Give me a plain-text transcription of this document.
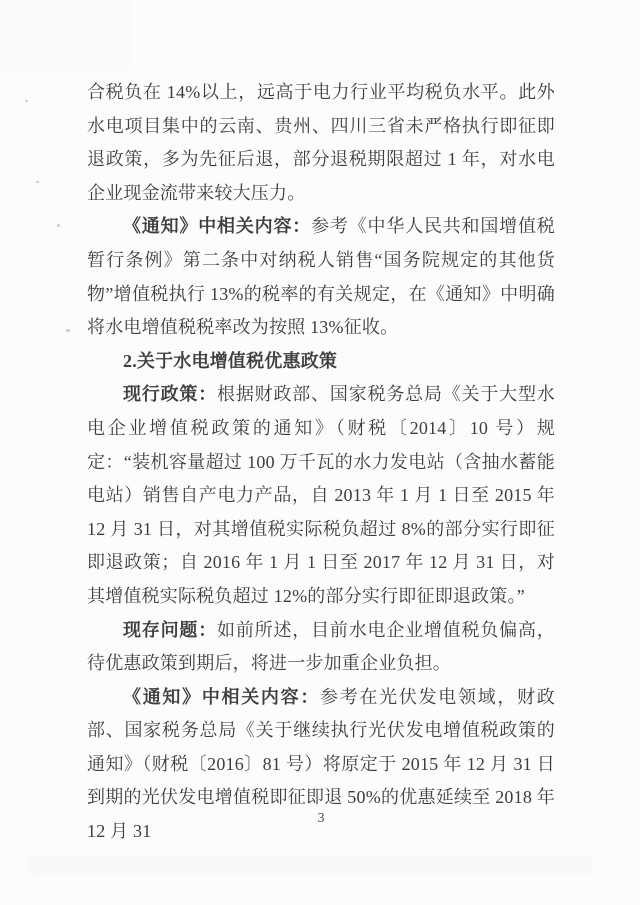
合税负在 14%以上，远高于电力行业平均税负水平。此外水电项目集中的云南、贵州、四川三省未严格执行即征即退政策，多为先征后退，部分退税期限超过 1 年，对水电企业现金流带来较大压力。

《通知》中相关内容：参考《中华人民共和国增值税暂行条例》第二条中对纳税人销售“国务院规定的其他货物”增值税执行 13%的税率的有关规定，在《通知》中明确将水电增值税税率改为按照 13%征收。

2.关于水电增值税优惠政策

现行政策：根据财政部、国家税务总局《关于大型水电企业增值税政策的通知》（财税〔2014〕10 号）规定：“装机容量超过 100 万千瓦的水力发电站（含抽水蓄能电站）销售自产电力产品，自 2013 年 1 月 1 日至 2015 年 12 月 31 日，对其增值税实际税负超过 8%的部分实行即征即退政策；自 2016 年 1 月 1 日至 2017 年 12 月 31 日，对其增值税实际税负超过 12%的部分实行即征即退政策。”

现存问题：如前所述，目前水电企业增值税负偏高，待优惠政策到期后，将进一步加重企业负担。

《通知》中相关内容：参考在光伏发电领域，财政部、国家税务总局《关于继续执行光伏发电增值税政策的通知》（财税〔2016〕81 号）将原定于 2015 年 12 月 31 日到期的光伏发电增值税即征即退 50%的优惠延续至 2018 年 12 月 31

3
